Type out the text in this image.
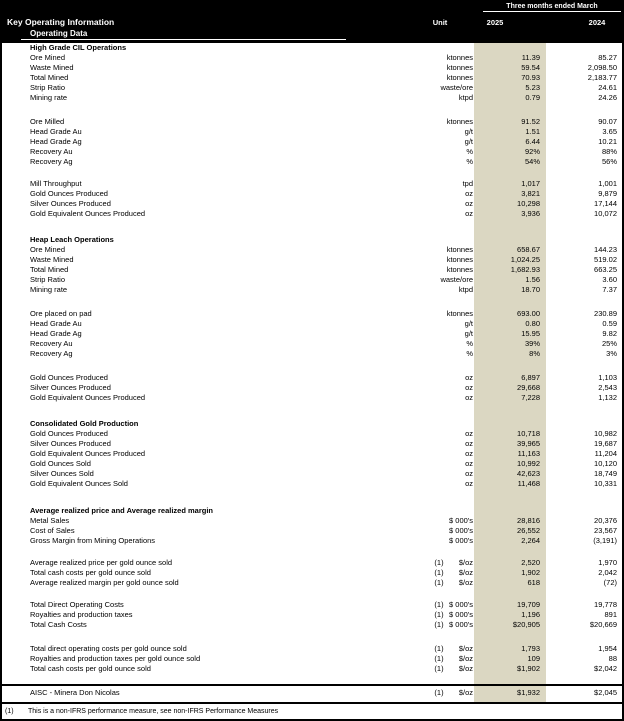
Three months ended March
Key Operating Information	Unit	2025	2024
Operating Data
High Grade CIL Operations
Ore Mined	ktonnes	11.39	85.27
Waste Mined	ktonnes	59.54	2,098.50
Total Mined	ktonnes	70.93	2,183.77
Strip Ratio	waste/ore	5.23	24.61
Mining rate	ktpd	0.79	24.26
Ore Milled	ktonnes	91.52	90.07
Head Grade Au	g/t	1.51	3.65
Head Grade Ag	g/t	6.44	10.21
Recovery Au	%	92%	88%
Recovery Ag	%	54%	56%
Mill Throughput	tpd	1,017	1,001
Gold Ounces Produced	oz	3,821	9,879
Silver Ounces Produced	oz	10,298	17,144
Gold Equivalent Ounces Produced	oz	3,936	10,072
Heap Leach Operations
Ore Mined	ktonnes	658.67	144.23
Waste Mined	ktonnes	1,024.25	519.02
Total Mined	ktonnes	1,682.93	663.25
Strip Ratio	waste/ore	1.56	3.60
Mining rate	ktpd	18.70	7.37
Ore placed on pad	ktonnes	693.00	230.89
Head Grade Au	g/t	0.80	0.59
Head Grade Ag	g/t	15.95	9.82
Recovery Au	%	39%	25%
Recovery Ag	%	8%	3%
Gold Ounces Produced	oz	6,897	1,103
Silver Ounces Produced	oz	29,668	2,543
Gold Equivalent Ounces Produced	oz	7,228	1,132
Consolidated Gold Production
Gold Ounces Produced	oz	10,718	10,982
Silver Ounces Produced	oz	39,965	19,687
Gold Equivalent Ounces Produced	oz	11,163	11,204
Gold Ounces Sold	oz	10,992	10,120
Silver Ounces Sold	oz	42,623	18,749
Gold Equivalent Ounces Sold	oz	11,468	10,331
Average realized price and Average realized margin
Metal Sales	$ 000's	28,816	20,376
Cost of Sales	$ 000's	26,552	23,567
Gross Margin from Mining Operations	$ 000's	2,264	(3,191)
Average realized price per gold ounce sold	(1)	$/oz	2,520	1,970
Total cash costs per gold ounce sold	(1)	$/oz	1,902	2,042
Average realized margin per gold ounce sold	(1)	$/oz	618	(72)
Total Direct Operating Costs	(1) $ 000's	19,709	19,778
Royalties and production taxes	(1) $ 000's	1,196	891
Total Cash Costs	(1) $ 000's	$20,905	$20,669
Total direct operating costs per gold ounce sold	(1)	$/oz	1,793	1,954
Royalties and production taxes per gold ounce sold	(1)	$/oz	109	88
Total cash costs per gold ounce sold	(1)	$/oz	$1,902	$2,042
AISC - Minera Don Nicolas	(1)	$/oz	$1,932	$2,045
(1)	This is a non-IFRS performance measure, see non-IFRS Performance Measures
